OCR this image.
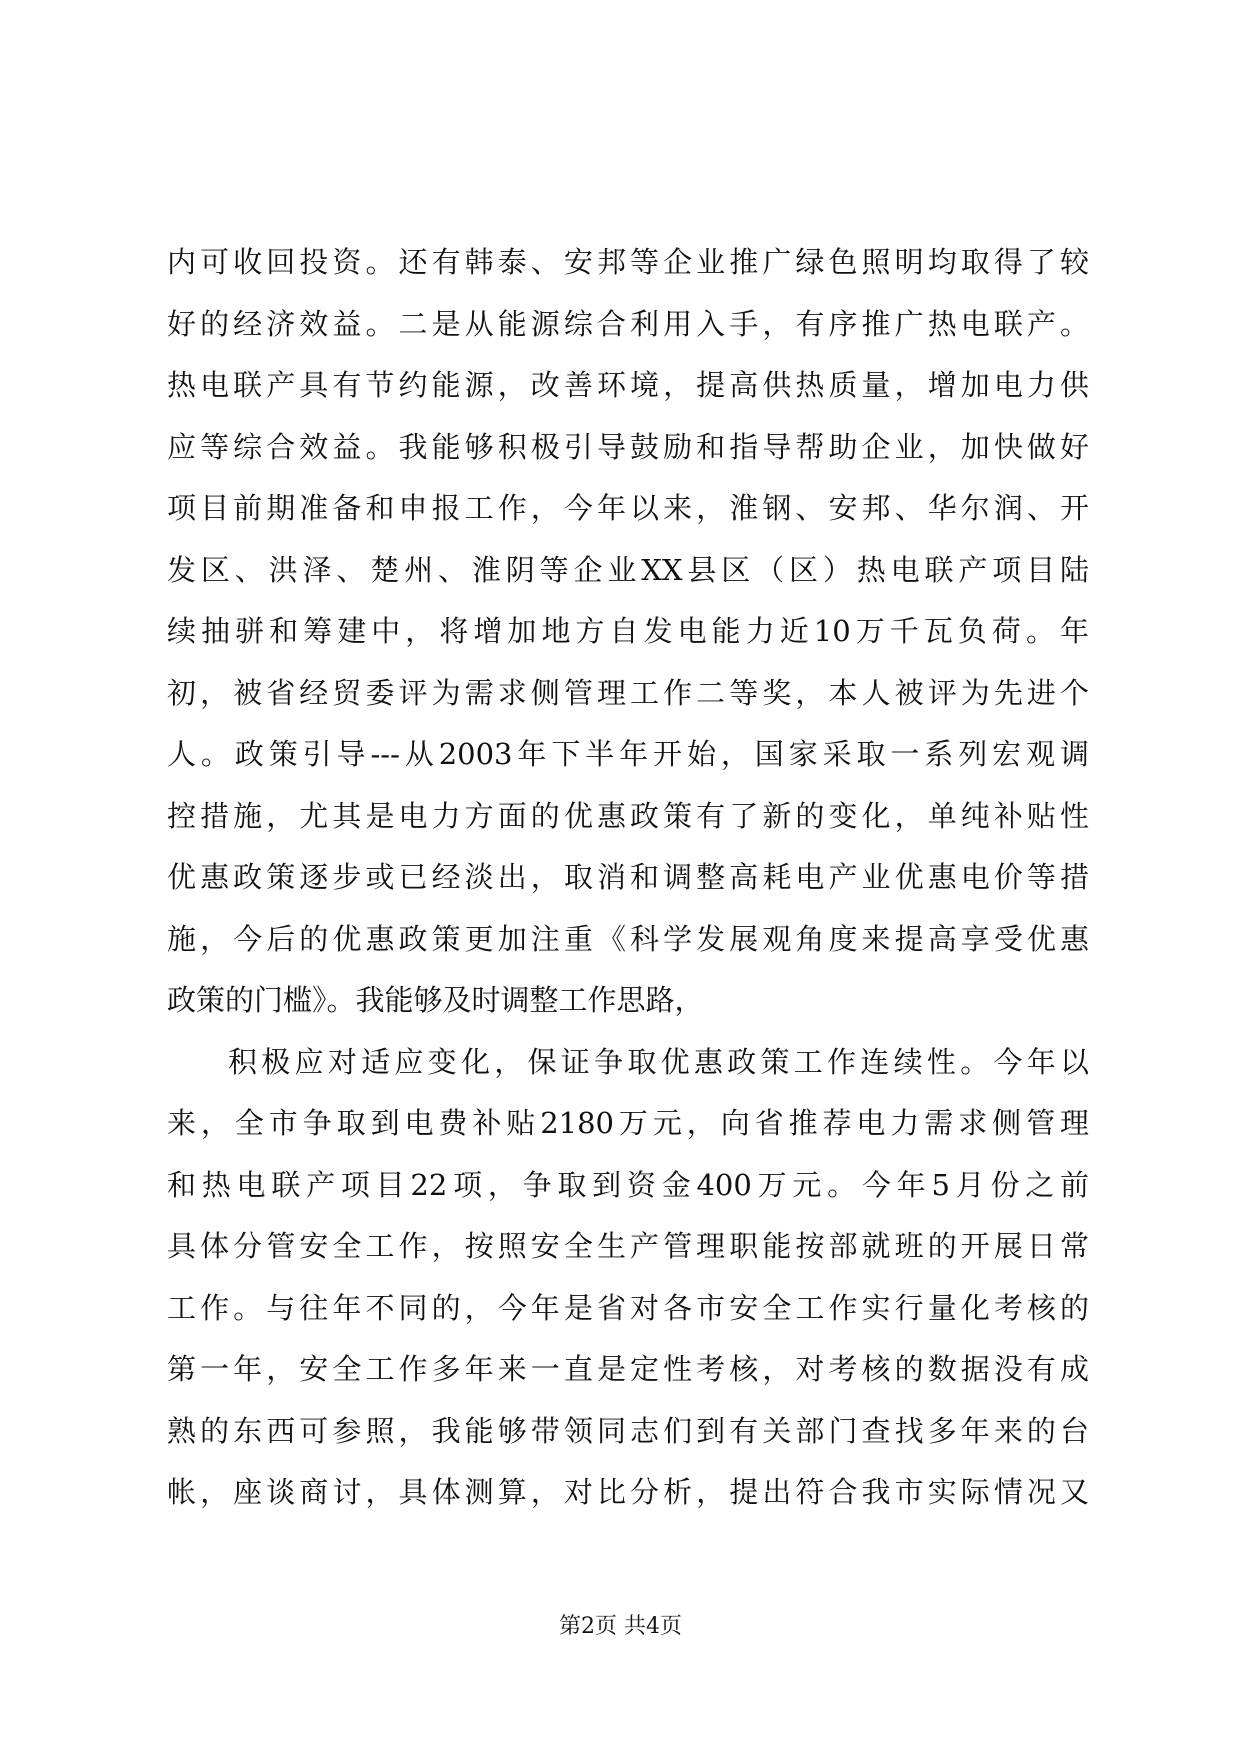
内可收回投资。还有韩泰、安邦等企业推广绿色照明均取得了较
好的经济效益。二是从能源综合利用入手，有序推广热电联产。
热电联产具有节约能源，改善环境，提高供热质量，增加电力供
应等综合效益。我能够积极引导鼓励和指导帮助企业，加快做好
项目前期准备和申报工作，今年以来，淮钢、安邦、华尔润、开
发区、洪泽、楚州、淮阴等企业XX县区（区）热电联产项目陆
续抽骈和筹建中，将增加地方自发电能力近10万千瓦负荷。年
初，被省经贸委评为需求侧管理工作二等奖，本人被评为先进个
人。政策引导---从2003年下半年开始，国家采取一系列宏观调
控措施，尤其是电力方面的优惠政策有了新的变化，单纯补贴性
优惠政策逐步或已经淡出，取消和调整高耗电产业优惠电价等措
施，今后的优惠政策更加注重《科学发展观角度来提高享受优惠
政策的门槛》。我能够及时调整工作思路，
积极应对适应变化，保证争取优惠政策工作连续性。今年以
来，全市争取到电费补贴2180万元，向省推荐电力需求侧管理
和热电联产项目22项，争取到资金400万元。今年5月份之前
具体分管安全工作，按照安全生产管理职能按部就班的开展日常
工作。与往年不同的，今年是省对各市安全工作实行量化考核的
第一年，安全工作多年来一直是定性考核，对考核的数据没有成
熟的东西可参照，我能够带领同志们到有关部门查找多年来的台
帐，座谈商讨，具体测算，对比分析，提出符合我市实际情况又
第2页 共4页
